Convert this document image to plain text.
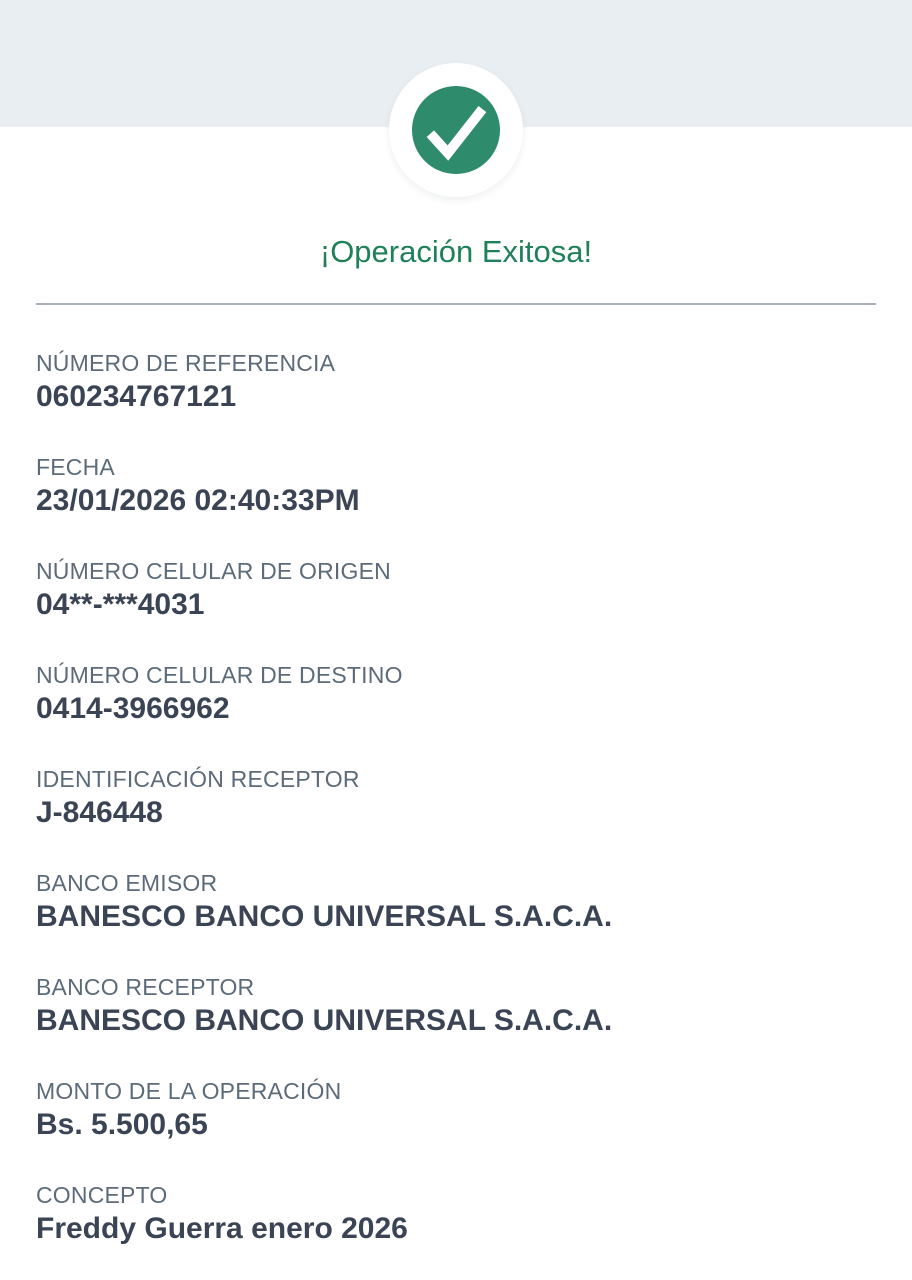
¡Operación Exitosa!
NÚMERO DE REFERENCIA
060234767121
FECHA
23/01/2026 02:40:33PM
NÚMERO CELULAR DE ORIGEN
04**-***4031
NÚMERO CELULAR DE DESTINO
0414-3966962
IDENTIFICACIÓN RECEPTOR
J-846448
BANCO EMISOR
BANESCO BANCO UNIVERSAL S.A.C.A.
BANCO RECEPTOR
BANESCO BANCO UNIVERSAL S.A.C.A.
MONTO DE LA OPERACIÓN
Bs. 5.500,65
CONCEPTO
Freddy Guerra enero 2026
